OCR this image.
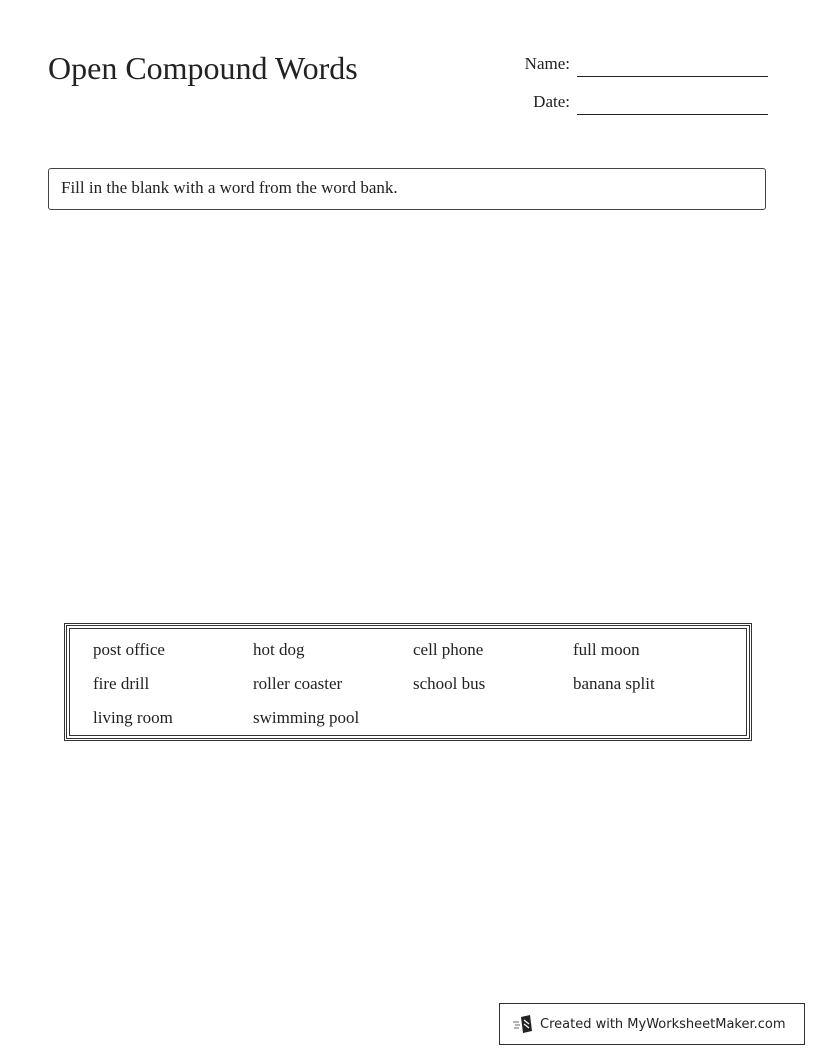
Open Compound Words	Name:
Date:
Fill in the blank with a word from the word bank.
post office	hot dog	cell phone	full moon
fire drill	roller coaster	school bus	banana split
living room	swimming pool
Created with MyWorksheetMaker.com
